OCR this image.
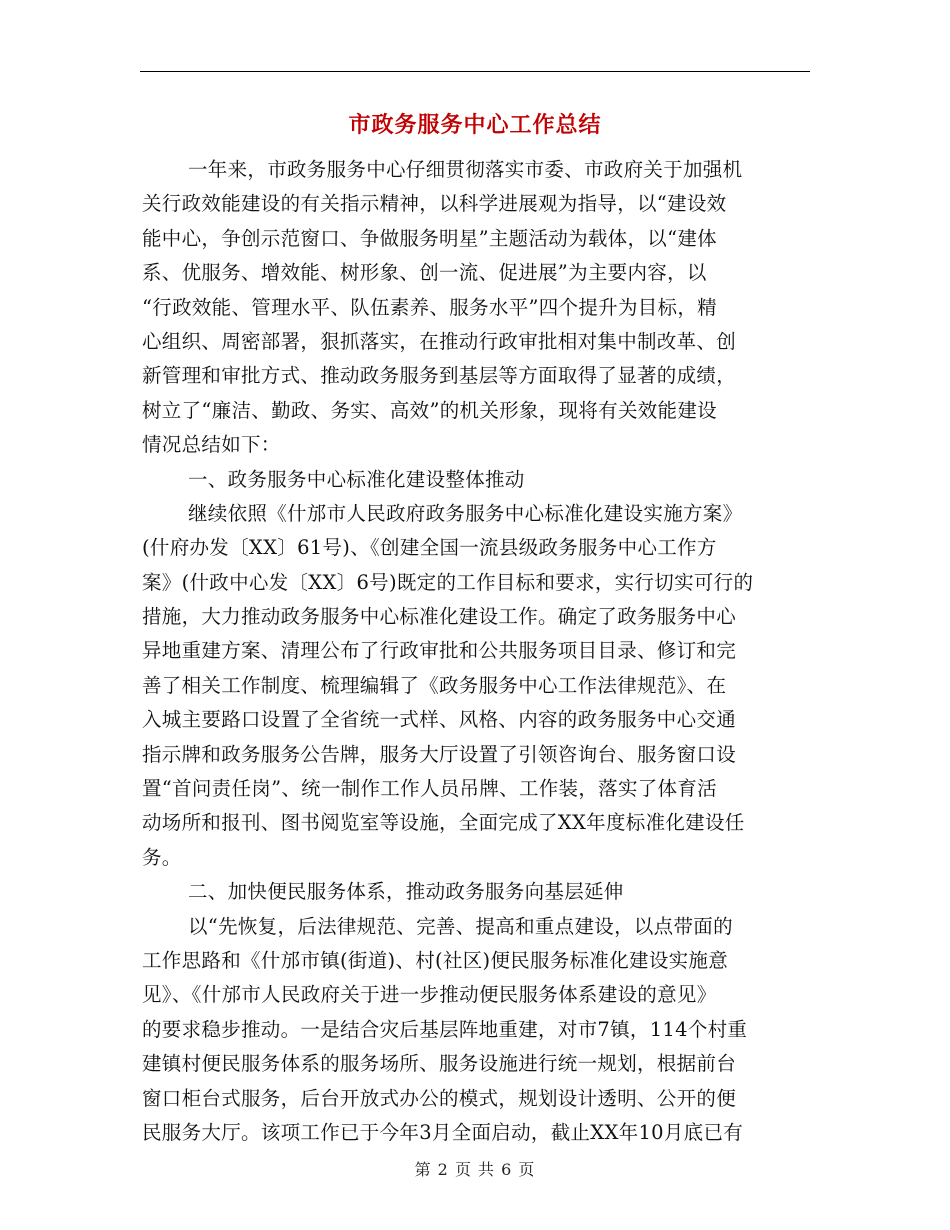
市政务服务中心工作总结
一年来，市政务服务中心仔细贯彻落实市委、市政府关于加强机
关行政效能建设的有关指示精神，以科学进展观为指导，以“建设效
能中心，争创示范窗口、争做服务明星”主题活动为载体，以“建体
系、优服务、增效能、树形象、创一流、促进展”为主要内容，以
“行政效能、管理水平、队伍素养、服务水平”四个提升为目标，精
心组织、周密部署，狠抓落实，在推动行政审批相对集中制改革、创
新管理和审批方式、推动政务服务到基层等方面取得了显著的成绩，
树立了“廉洁、勤政、务实、高效”的机关形象，现将有关效能建设
情况总结如下：
一、政务服务中心标准化建设整体推动
继续依照《什邡市人民政府政务服务中心标准化建设实施方案》
(什府办发〔XX〕61号)、《创建全国一流县级政务服务中心工作方
案》(什政中心发〔XX〕6号)既定的工作目标和要求，实行切实可行的
措施，大力推动政务服务中心标准化建设工作。确定了政务服务中心
异地重建方案、清理公布了行政审批和公共服务项目目录、修订和完
善了相关工作制度、梳理编辑了《政务服务中心工作法律规范》、在
入城主要路口设置了全省统一式样、风格、内容的政务服务中心交通
指示牌和政务服务公告牌，服务大厅设置了引领咨询台、服务窗口设
置“首问责任岗”、统一制作工作人员吊牌、工作装，落实了体育活
动场所和报刊、图书阅览室等设施，全面完成了XX年度标准化建设任
务。
二、加快便民服务体系，推动政务服务向基层延伸
以“先恢复，后法律规范、完善、提高和重点建设，以点带面的
工作思路和《什邡市镇(街道)、村(社区)便民服务标准化建设实施意
见》、《什邡市人民政府关于进一步推动便民服务体系建设的意见》
的要求稳步推动。一是结合灾后基层阵地重建，对市7镇，114个村重
建镇村便民服务体系的服务场所、服务设施进行统一规划，根据前台
窗口柜台式服务，后台开放式办公的模式，规划设计透明、公开的便
民服务大厅。该项工作已于今年3月全面启动，截止XX年10月底已有
第 2 页 共 6 页
